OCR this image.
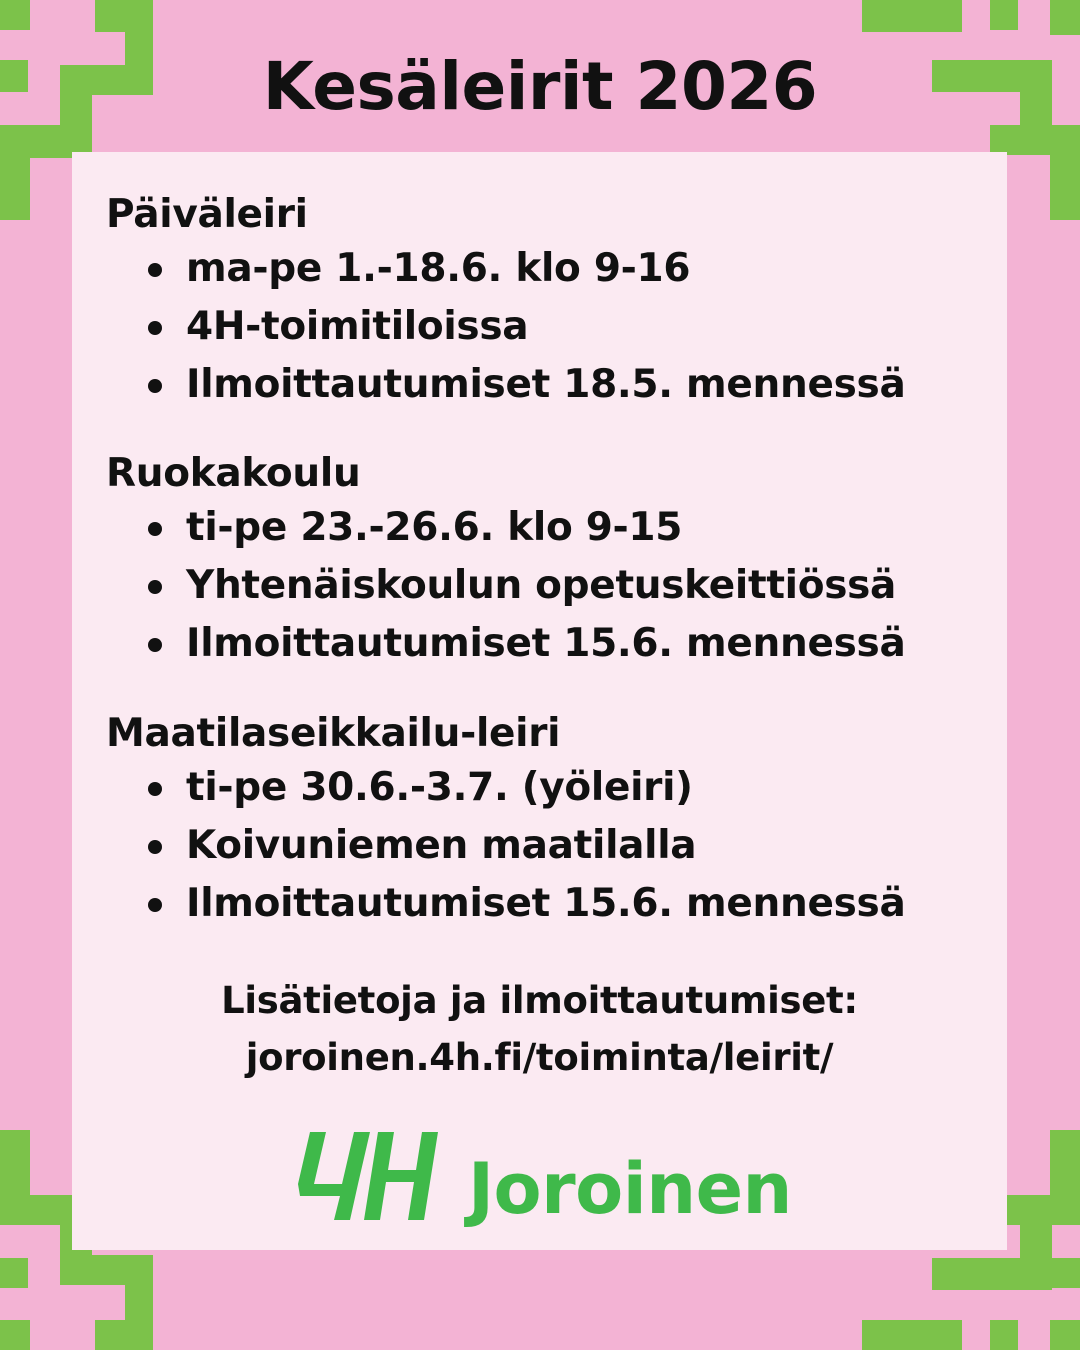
Kesäleirit 2026
Päiväleiri
ma-pe 1.-18.6. klo 9-16
4H-toimitiloissa
Ilmoittautumiset 18.5. mennessä
Ruokakoulu
ti-pe 23.-26.6. klo 9-15
Yhtenäiskoulun opetuskeittiössä
Ilmoittautumiset 15.6. mennessä
Maatilaseikkailu-leiri
ti-pe 30.6.-3.7. (yöleiri)
Koivuniemen maatilalla
Ilmoittautumiset 15.6. mennessä
Lisätietoja ja ilmoittautumiset:
joroinen.4h.fi/toiminta/leirit/
Joroinen
